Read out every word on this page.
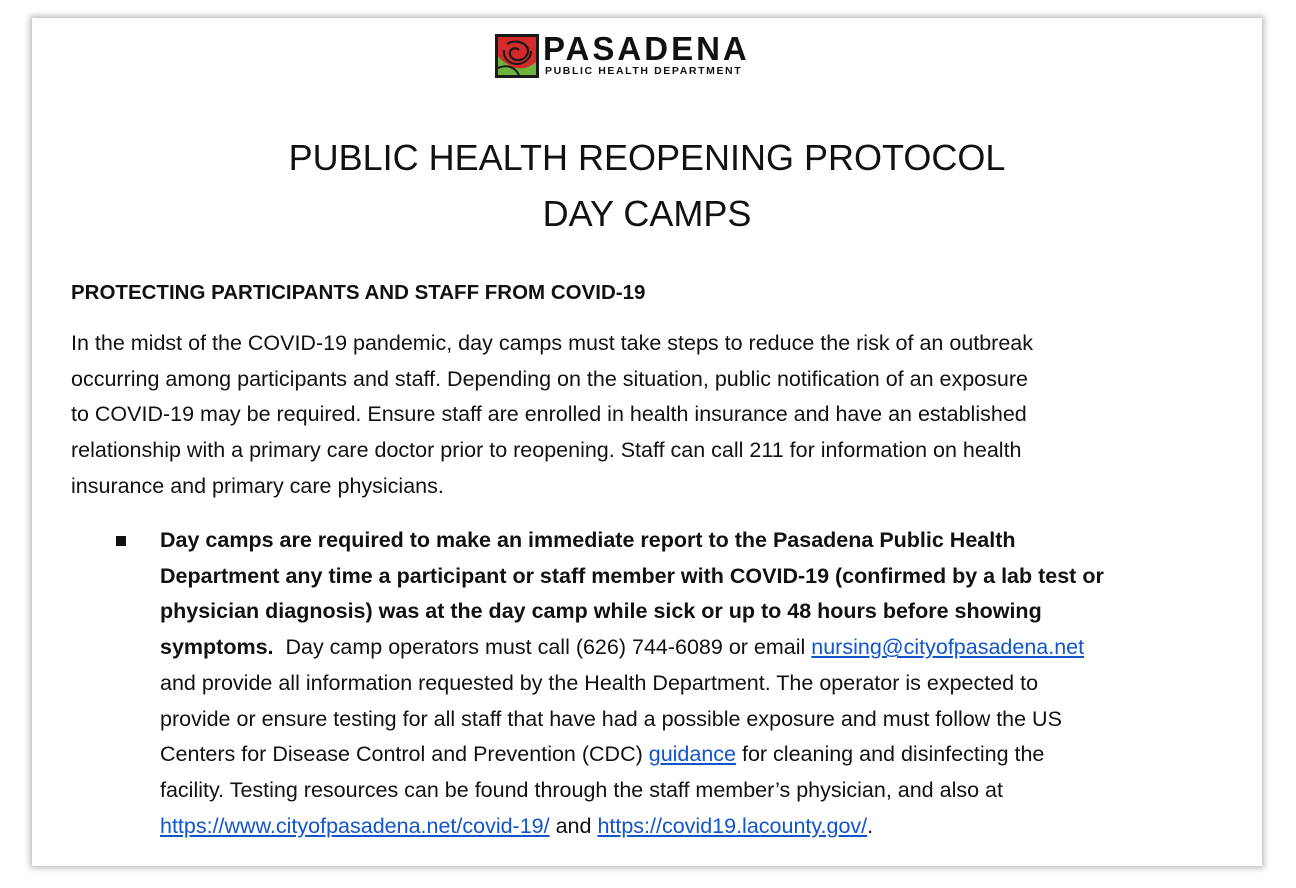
PASADENA
PUBLIC HEALTH DEPARTMENT
PUBLIC HEALTH REOPENING PROTOCOL
DAY CAMPS
PROTECTING PARTICIPANTS AND STAFF FROM COVID-19
In the midst of the COVID-19 pandemic, day camps must take steps to reduce the risk of an outbreak
occurring among participants and staff. Depending on the situation, public notification of an exposure
to COVID-19 may be required. Ensure staff are enrolled in health insurance and have an established
relationship with a primary care doctor prior to reopening. Staff can call 211 for information on health
insurance and primary care physicians.
Day camps are required to make an immediate report to the Pasadena Public Health
Department any time a participant or staff member with COVID-19 (confirmed by a lab test or
physician diagnosis) was at the day camp while sick or up to 48 hours before showing
symptoms.  Day camp operators must call (626) 744-6089 or email nursing@cityofpasadena.net
and provide all information requested by the Health Department. The operator is expected to
provide or ensure testing for all staff that have had a possible exposure and must follow the US
Centers for Disease Control and Prevention (CDC) guidance for cleaning and disinfecting the
facility. Testing resources can be found through the staff member’s physician, and also at
https://www.cityofpasadena.net/covid-19/ and https://covid19.lacounty.gov/.
